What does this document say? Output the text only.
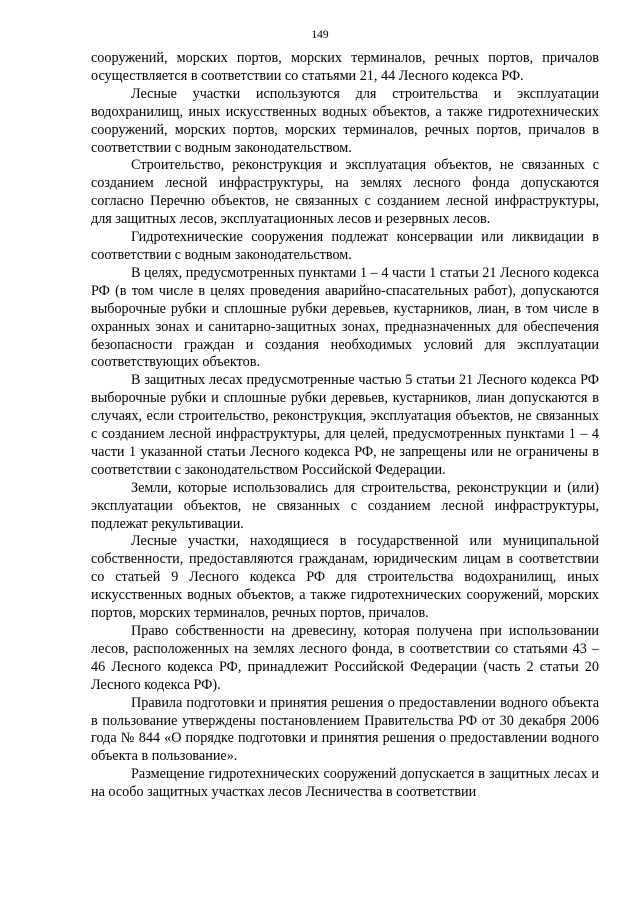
149

сооружений, морских портов, морских терминалов, речных портов, причалов осуществляется в соответствии со статьями 21, 44 Лесного кодекса РФ.

Лесные участки используются для строительства и эксплуатации водохранилищ, иных искусственных водных объектов, а также гидротехнических сооружений, морских портов, морских терминалов, речных портов, причалов в соответствии с водным законодательством.

Строительство, реконструкция и эксплуатация объектов, не связанных с созданием лесной инфраструктуры, на землях лесного фонда допускаются согласно Перечню объектов, не связанных с созданием лесной инфраструктуры, для защитных лесов, эксплуатационных лесов и резервных лесов.

Гидротехнические сооружения подлежат консервации или ликвидации в соответствии с водным законодательством.

В целях, предусмотренных пунктами 1 – 4 части 1 статьи 21 Лесного кодекса РФ (в том числе в целях проведения аварийно-спасательных работ), допускаются выборочные рубки и сплошные рубки деревьев, кустарников, лиан, в том числе в охранных зонах и санитарно-защитных зонах, предназначенных для обеспечения безопасности граждан и создания необходимых условий для эксплуатации соответствующих объектов.

В защитных лесах предусмотренные частью 5 статьи 21 Лесного кодекса РФ выборочные рубки и сплошные рубки деревьев, кустарников, лиан допускаются в случаях, если строительство, реконструкция, эксплуатация объектов, не связанных с созданием лесной инфраструктуры, для целей, предусмотренных пунктами 1 – 4 части 1 указанной статьи Лесного кодекса РФ, не запрещены или не ограничены в соответствии с законодательством Российской Федерации.

Земли, которые использовались для строительства, реконструкции и (или) эксплуатации объектов, не связанных с созданием лесной инфраструктуры, подлежат рекультивации.

Лесные участки, находящиеся в государственной или муниципальной собственности, предоставляются гражданам, юридическим лицам в соответствии со статьей 9 Лесного кодекса РФ для строительства водохранилищ, иных искусственных водных объектов, а также гидротехнических сооружений, морских портов, морских терминалов, речных портов, причалов.

Право собственности на древесину, которая получена при использовании лесов, расположенных на землях лесного фонда, в соответствии со статьями 43 – 46 Лесного кодекса РФ, принадлежит Российской Федерации (часть 2 статьи 20 Лесного кодекса РФ).

Правила подготовки и принятия решения о предоставлении водного объекта в пользование утверждены постановлением Правительства РФ от 30 декабря 2006 года № 844 «О порядке подготовки и принятия решения о предоставлении водного объекта в пользование».

Размещение гидротехнических сооружений допускается в защитных лесах и на особо защитных участках лесов Лесничества в соответствии
